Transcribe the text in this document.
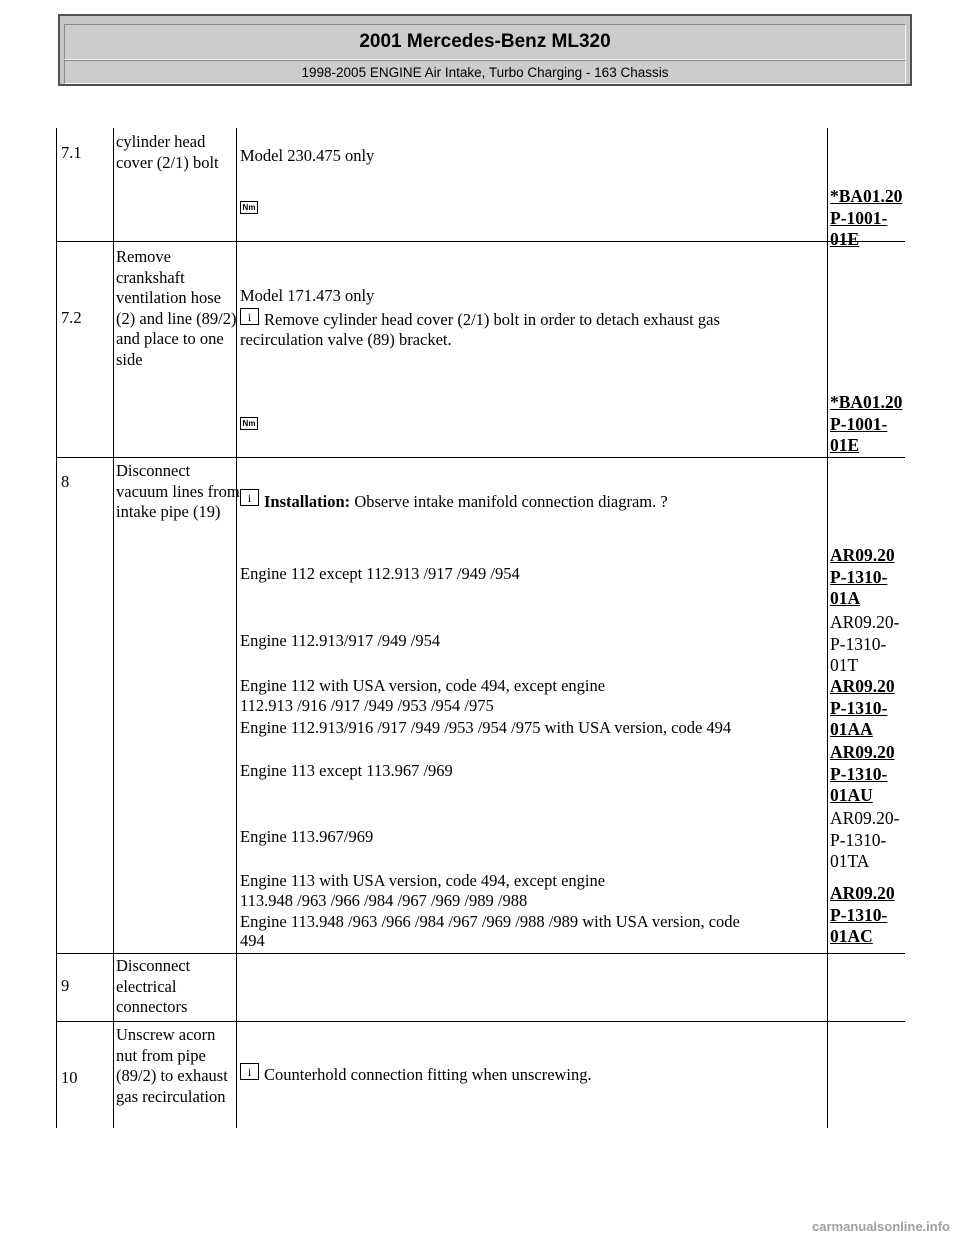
2001 Mercedes-Benz ML320
1998-2005 ENGINE Air Intake, Turbo Charging - 163 Chassis
7.1
cylinder head cover (2/1) bolt	Model 230.475 only
Nm
*BA01.20
P-1001-
01E
7.2
Remove crankshaft ventilation hose (2) and line (89/2) and place to one side
Model 171.473 only
i Remove cylinder head cover (2/1) bolt in order to detach exhaust gas
recirculation valve (89) bracket.
Nm
*BA01.20
P-1001-
01E
8
Disconnect vacuum lines from intake pipe (19)
i Installation: Observe intake manifold connection diagram. ?
Engine 112 except 112.913 /917 /949 /954
AR09.20
P-1310-
01A
Engine 112.913/917 /949 /954
AR09.20-
P-1310-
01T
Engine 112 with USA version, code 494, except engine
112.913 /916 /917 /949 /953 /954 /975
Engine 112.913/916 /917 /949 /953 /954 /975 with USA version, code 494
AR09.20
P-1310-
01AA
Engine 113 except 113.967 /969
AR09.20
P-1310-
01AU
Engine 113.967/969
AR09.20-
P-1310-
01TA
Engine 113 with USA version, code 494, except engine
113.948 /963 /966 /984 /967 /969 /989 /988
Engine 113.948 /963 /966 /984 /967 /969 /988 /989 with USA version, code
494
AR09.20
P-1310-
01AC
9
Disconnect electrical connectors
10
Unscrew acorn nut from pipe (89/2) to exhaust gas recirculation
i Counterhold connection fitting when unscrewing.
carmanualsonline.info
